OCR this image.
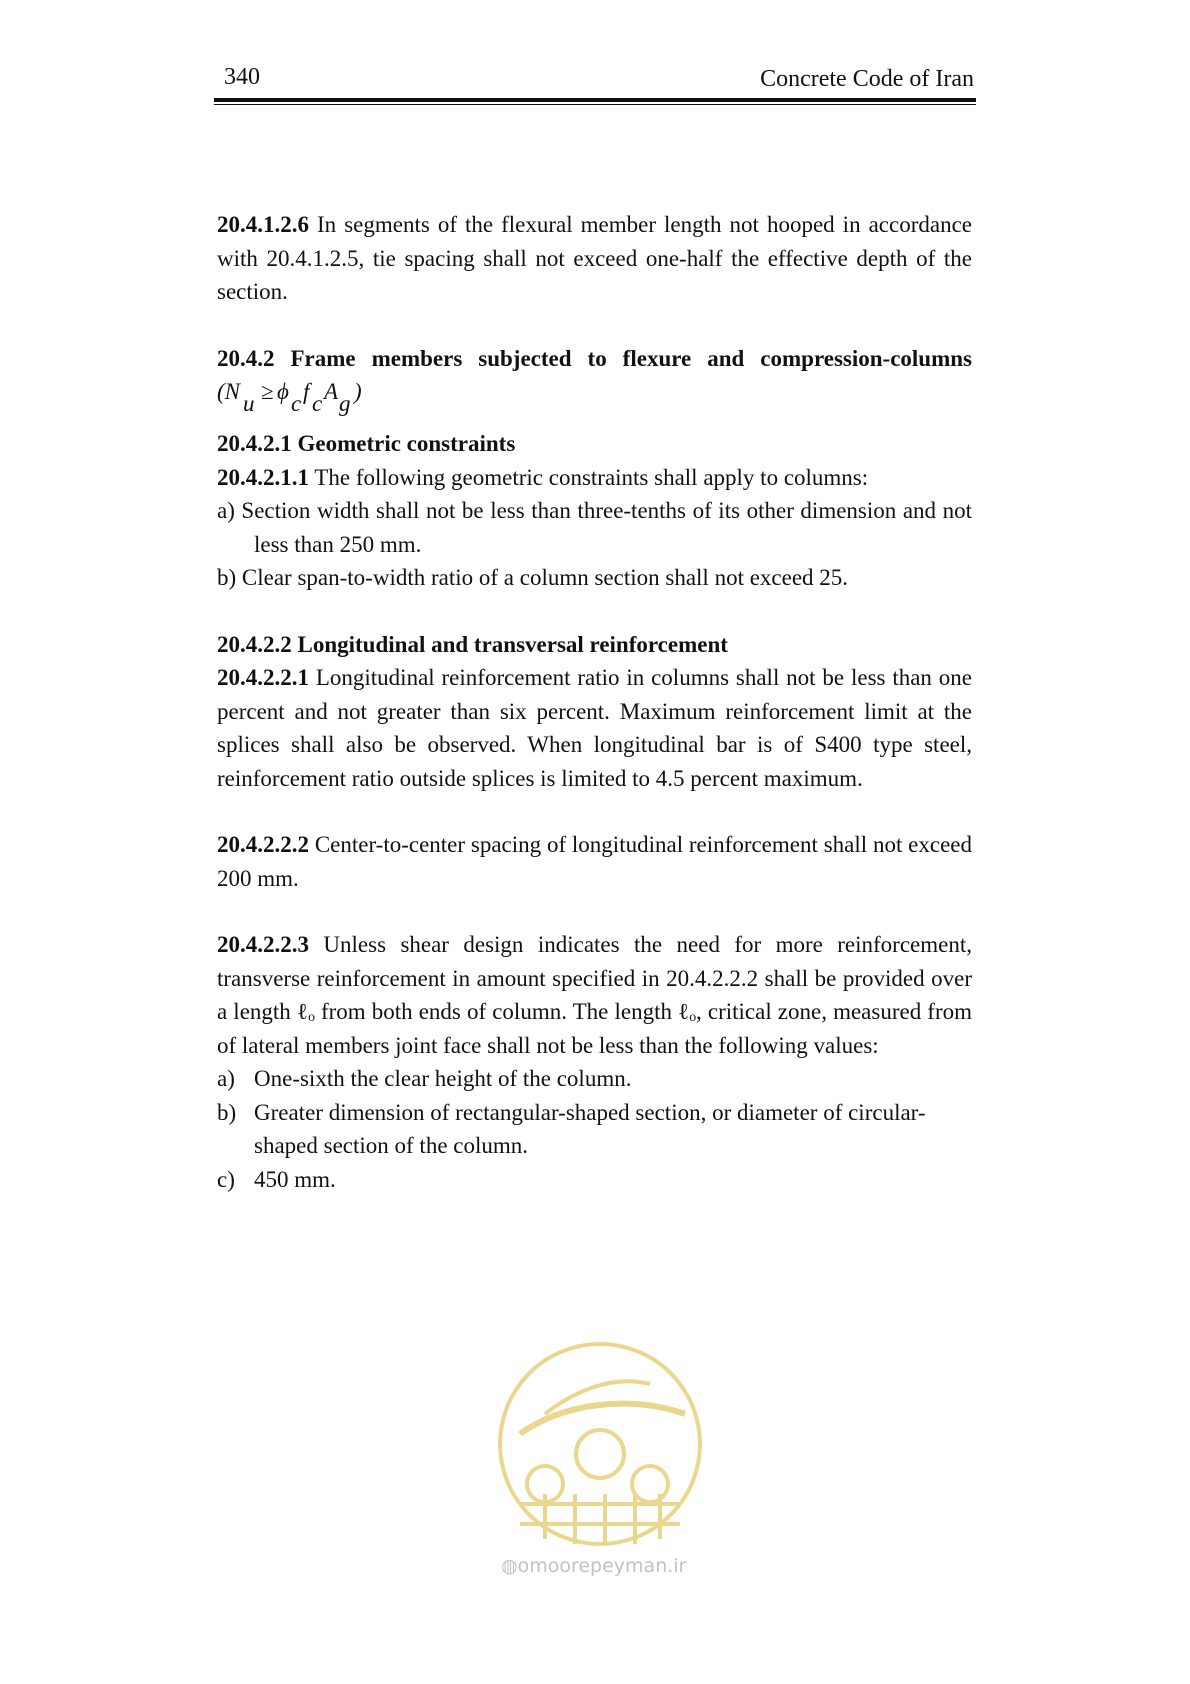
340	Concrete Code of Iran

20.4.1.2.6 In segments of the flexural member length not hooped in accordance with 20.4.1.2.5, tie spacing shall not exceed one-half the effective depth of the section.

20.4.2 Frame members subjected to flexure and compression-columns

(N u ≥ ϕ c f c A g )

20.4.2.1 Geometric constraints

20.4.2.1.1 The following geometric constraints shall apply to columns:

a) Section width shall not be less than three-tenths of its other dimension and not less than 250 mm.

b) Clear span-to-width ratio of a column section shall not exceed 25.

20.4.2.2 Longitudinal and transversal reinforcement

20.4.2.2.1 Longitudinal reinforcement ratio in columns shall not be less than one percent and not greater than six percent. Maximum reinforcement limit at the splices shall also be observed. When longitudinal bar is of S400 type steel, reinforcement ratio outside splices is limited to 4.5 percent maximum.

20.4.2.2.2 Center-to-center spacing of longitudinal reinforcement shall not exceed 200 mm.

20.4.2.2.3 Unless shear design indicates the need for more reinforcement, transverse reinforcement in amount specified in 20.4.2.2.2 shall be provided over a length ℓₒ from both ends of column. The length ℓₒ, critical zone, measured from of lateral members joint face shall not be less than the following values:

a) One-sixth the clear height of the column.
b) Greater dimension of rectangular-shaped section, or diameter of circular-shaped section of the column.
c) 450 mm.
◍omoorepeyman.ir
